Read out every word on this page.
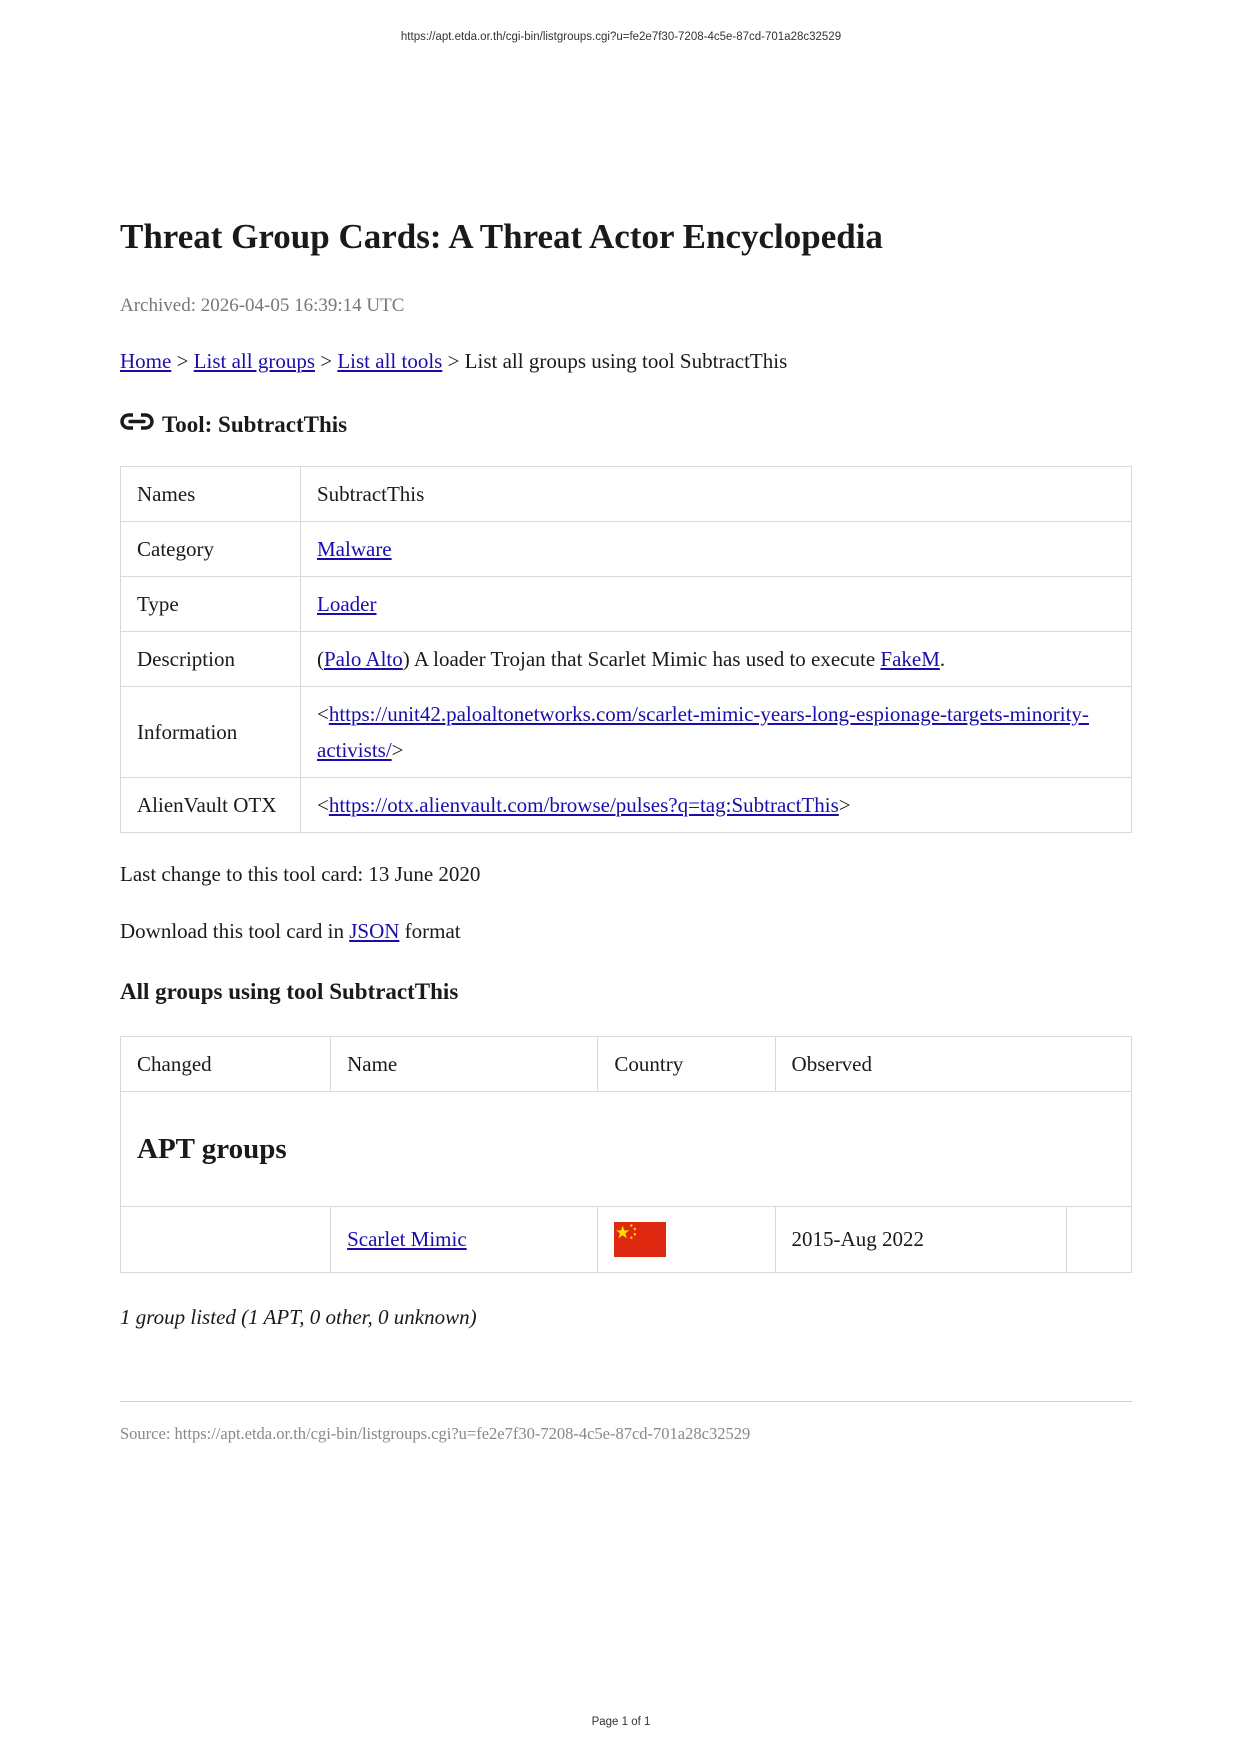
https://apt.etda.or.th/cgi-bin/listgroups.cgi?u=fe2e7f30-7208-4c5e-87cd-701a28c32529
Threat Group Cards: A Threat Actor Encyclopedia
Archived: 2026-04-05 16:39:14 UTC
Home > List all groups > List all tools > List all groups using tool SubtractThis
Tool: SubtractThis
Names	SubtractThis
Category	Malware
Type	Loader
Description	(Palo Alto) A loader Trojan that Scarlet Mimic has used to execute FakeM.
Information	<https://unit42.paloaltonetworks.com/scarlet-mimic-years-long-espionage-targets-minority-activists/>
AlienVault OTX	<https://otx.alienvault.com/browse/pulses?q=tag:SubtractThis>
Last change to this tool card: 13 June 2020
Download this tool card in JSON format
All groups using tool SubtractThis
Changed	Name	Country	Observed	
APT groups				
	Scarlet Mimic		2015-Aug 2022	
1 group listed (1 APT, 0 other, 0 unknown)
Source: https://apt.etda.or.th/cgi-bin/listgroups.cgi?u=fe2e7f30-7208-4c5e-87cd-701a28c32529
Page 1 of 1
